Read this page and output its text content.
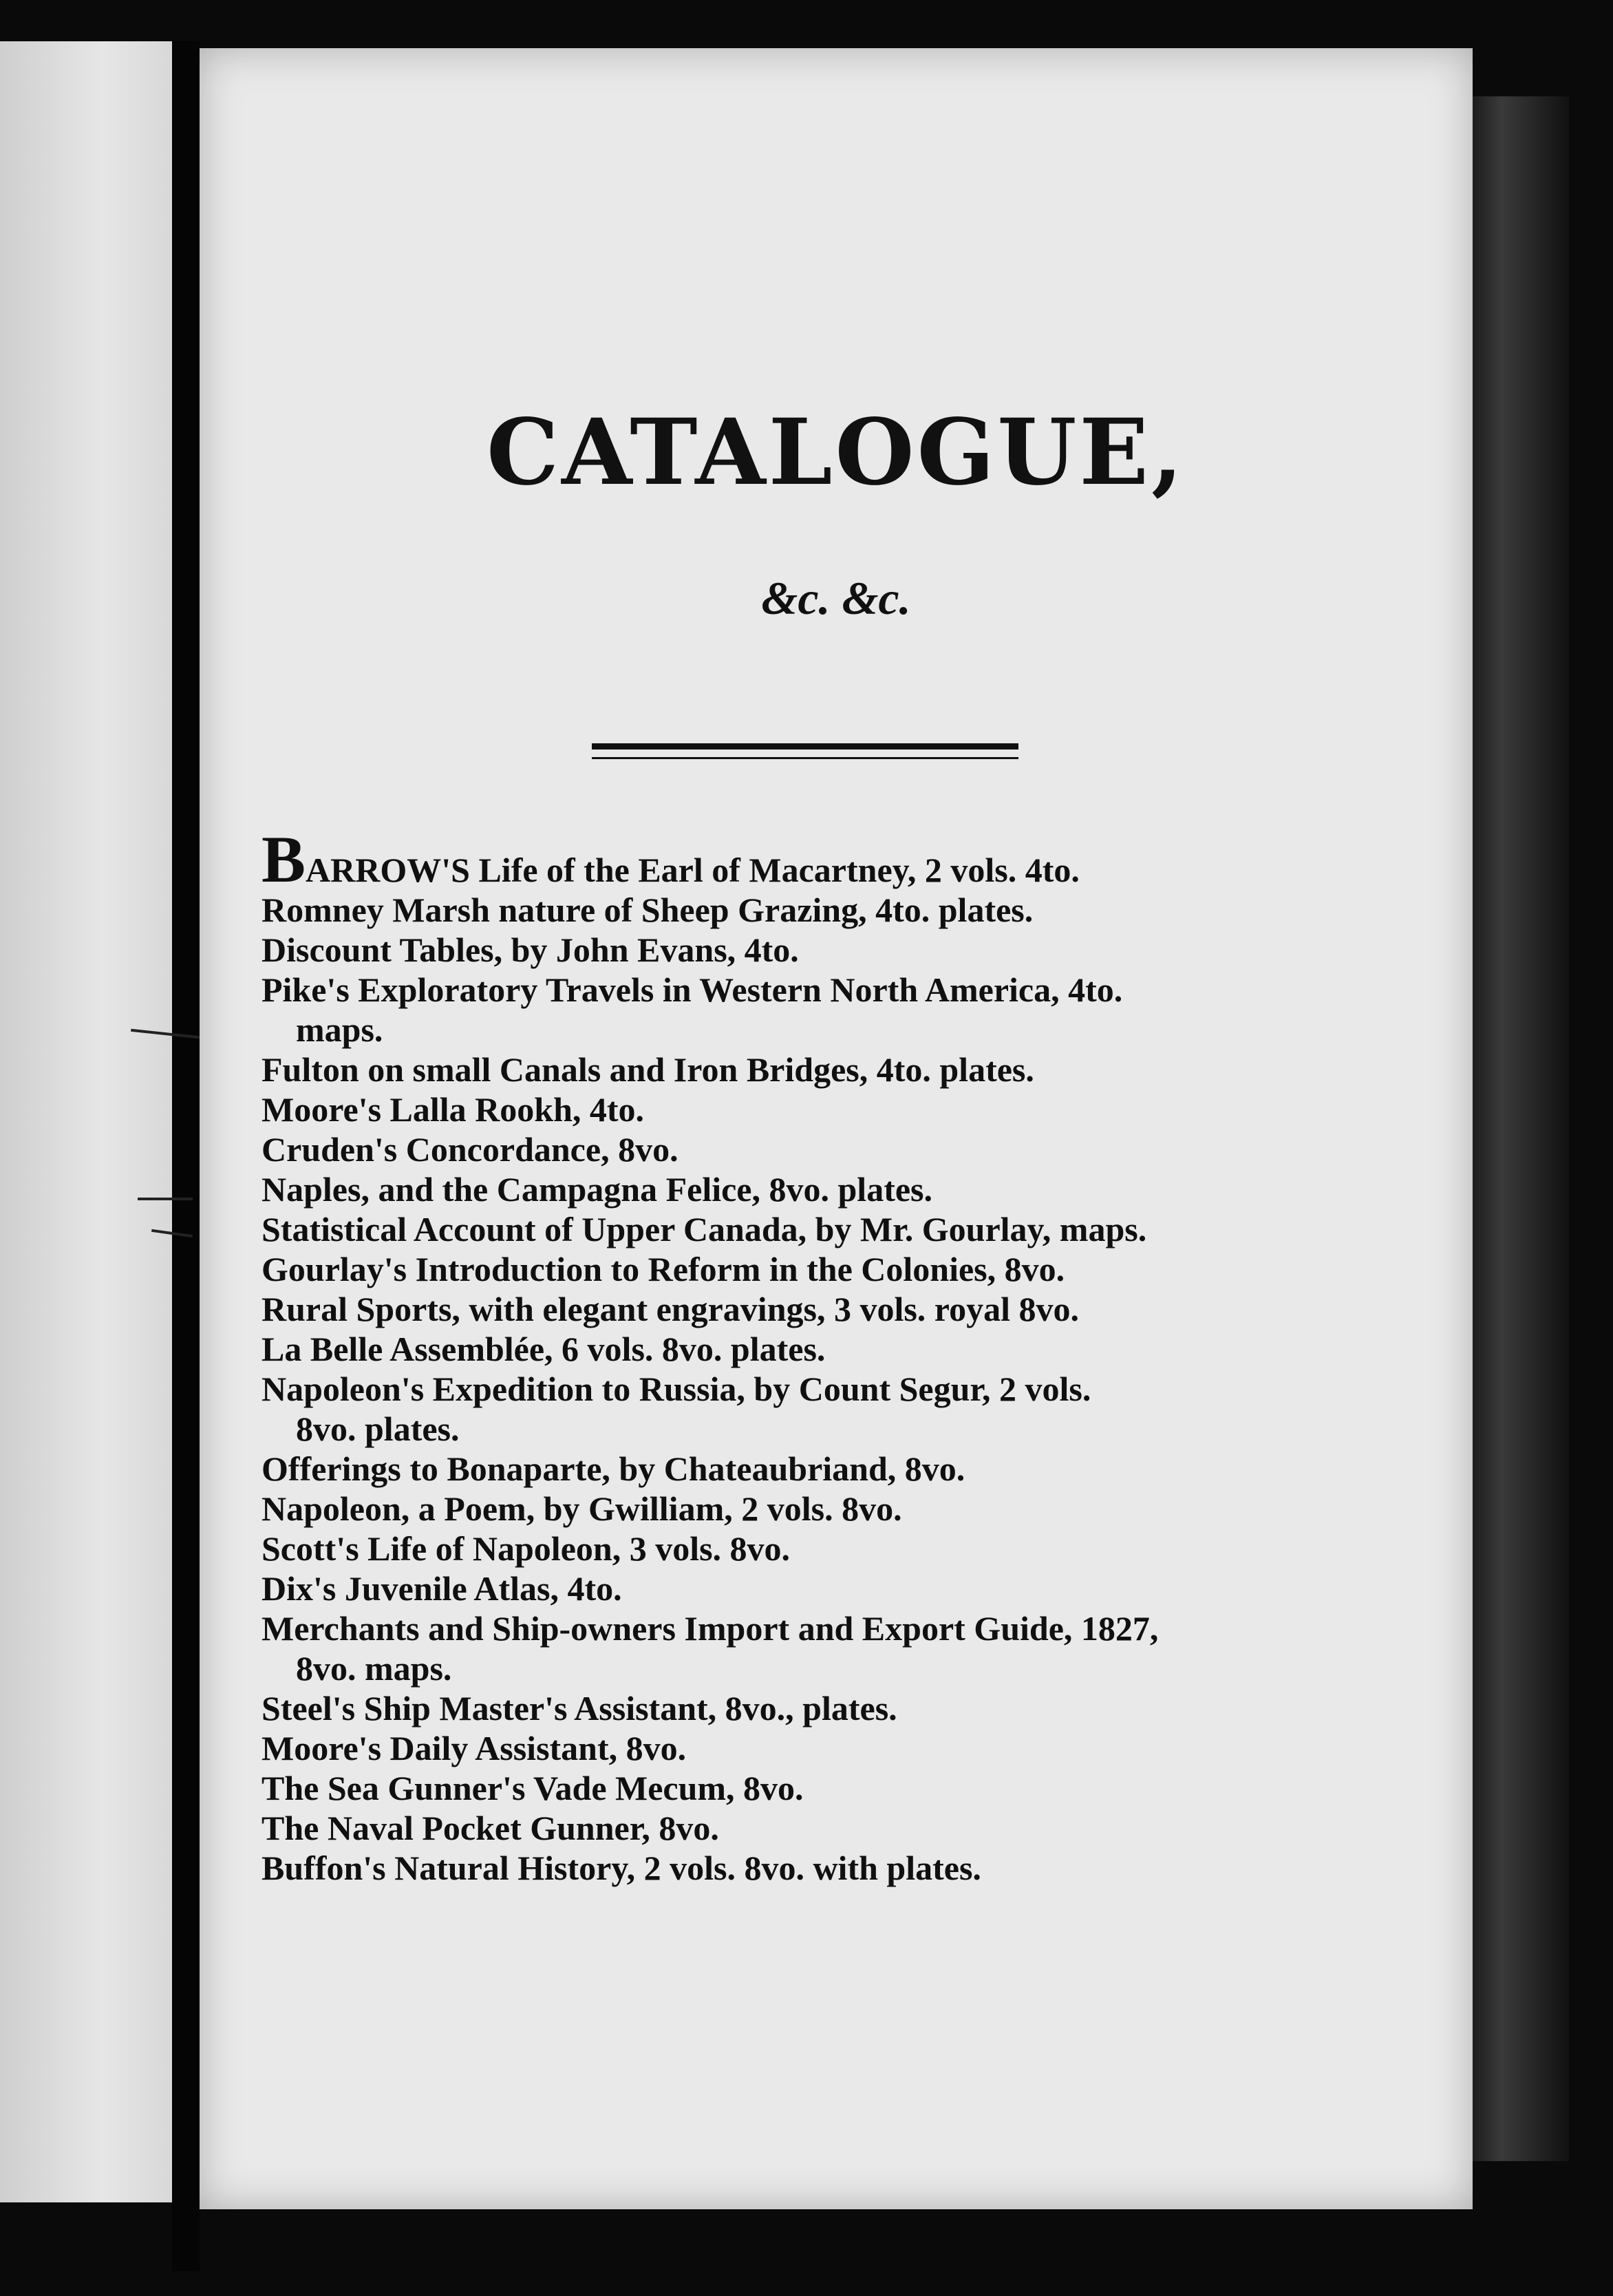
CATALOGUE,
&c. &c.
BARROW'S Life of the Earl of Macartney, 2 vols. 4to.
Romney Marsh nature of Sheep Grazing, 4to. plates.
Discount Tables, by John Evans, 4to.
Pike's Exploratory Travels in Western North America, 4to.
maps.
Fulton on small Canals and Iron Bridges, 4to. plates.
Moore's Lalla Rookh, 4to.
Cruden's Concordance, 8vo.
Naples, and the Campagna Felice, 8vo. plates.
Statistical Account of Upper Canada, by Mr. Gourlay, maps.
Gourlay's Introduction to Reform in the Colonies, 8vo.
Rural Sports, with elegant engravings, 3 vols. royal 8vo.
La Belle Assemblée, 6 vols. 8vo. plates.
Napoleon's Expedition to Russia, by Count Segur, 2 vols.
8vo. plates.
Offerings to Bonaparte, by Chateaubriand, 8vo.
Napoleon, a Poem, by Gwilliam, 2 vols. 8vo.
Scott's Life of Napoleon, 3 vols. 8vo.
Dix's Juvenile Atlas, 4to.
Merchants and Ship-owners Import and Export Guide, 1827,
8vo. maps.
Steel's Ship Master's Assistant, 8vo., plates.
Moore's Daily Assistant, 8vo.
The Sea Gunner's Vade Mecum, 8vo.
The Naval Pocket Gunner, 8vo.
Buffon's Natural History, 2 vols. 8vo. with plates.
